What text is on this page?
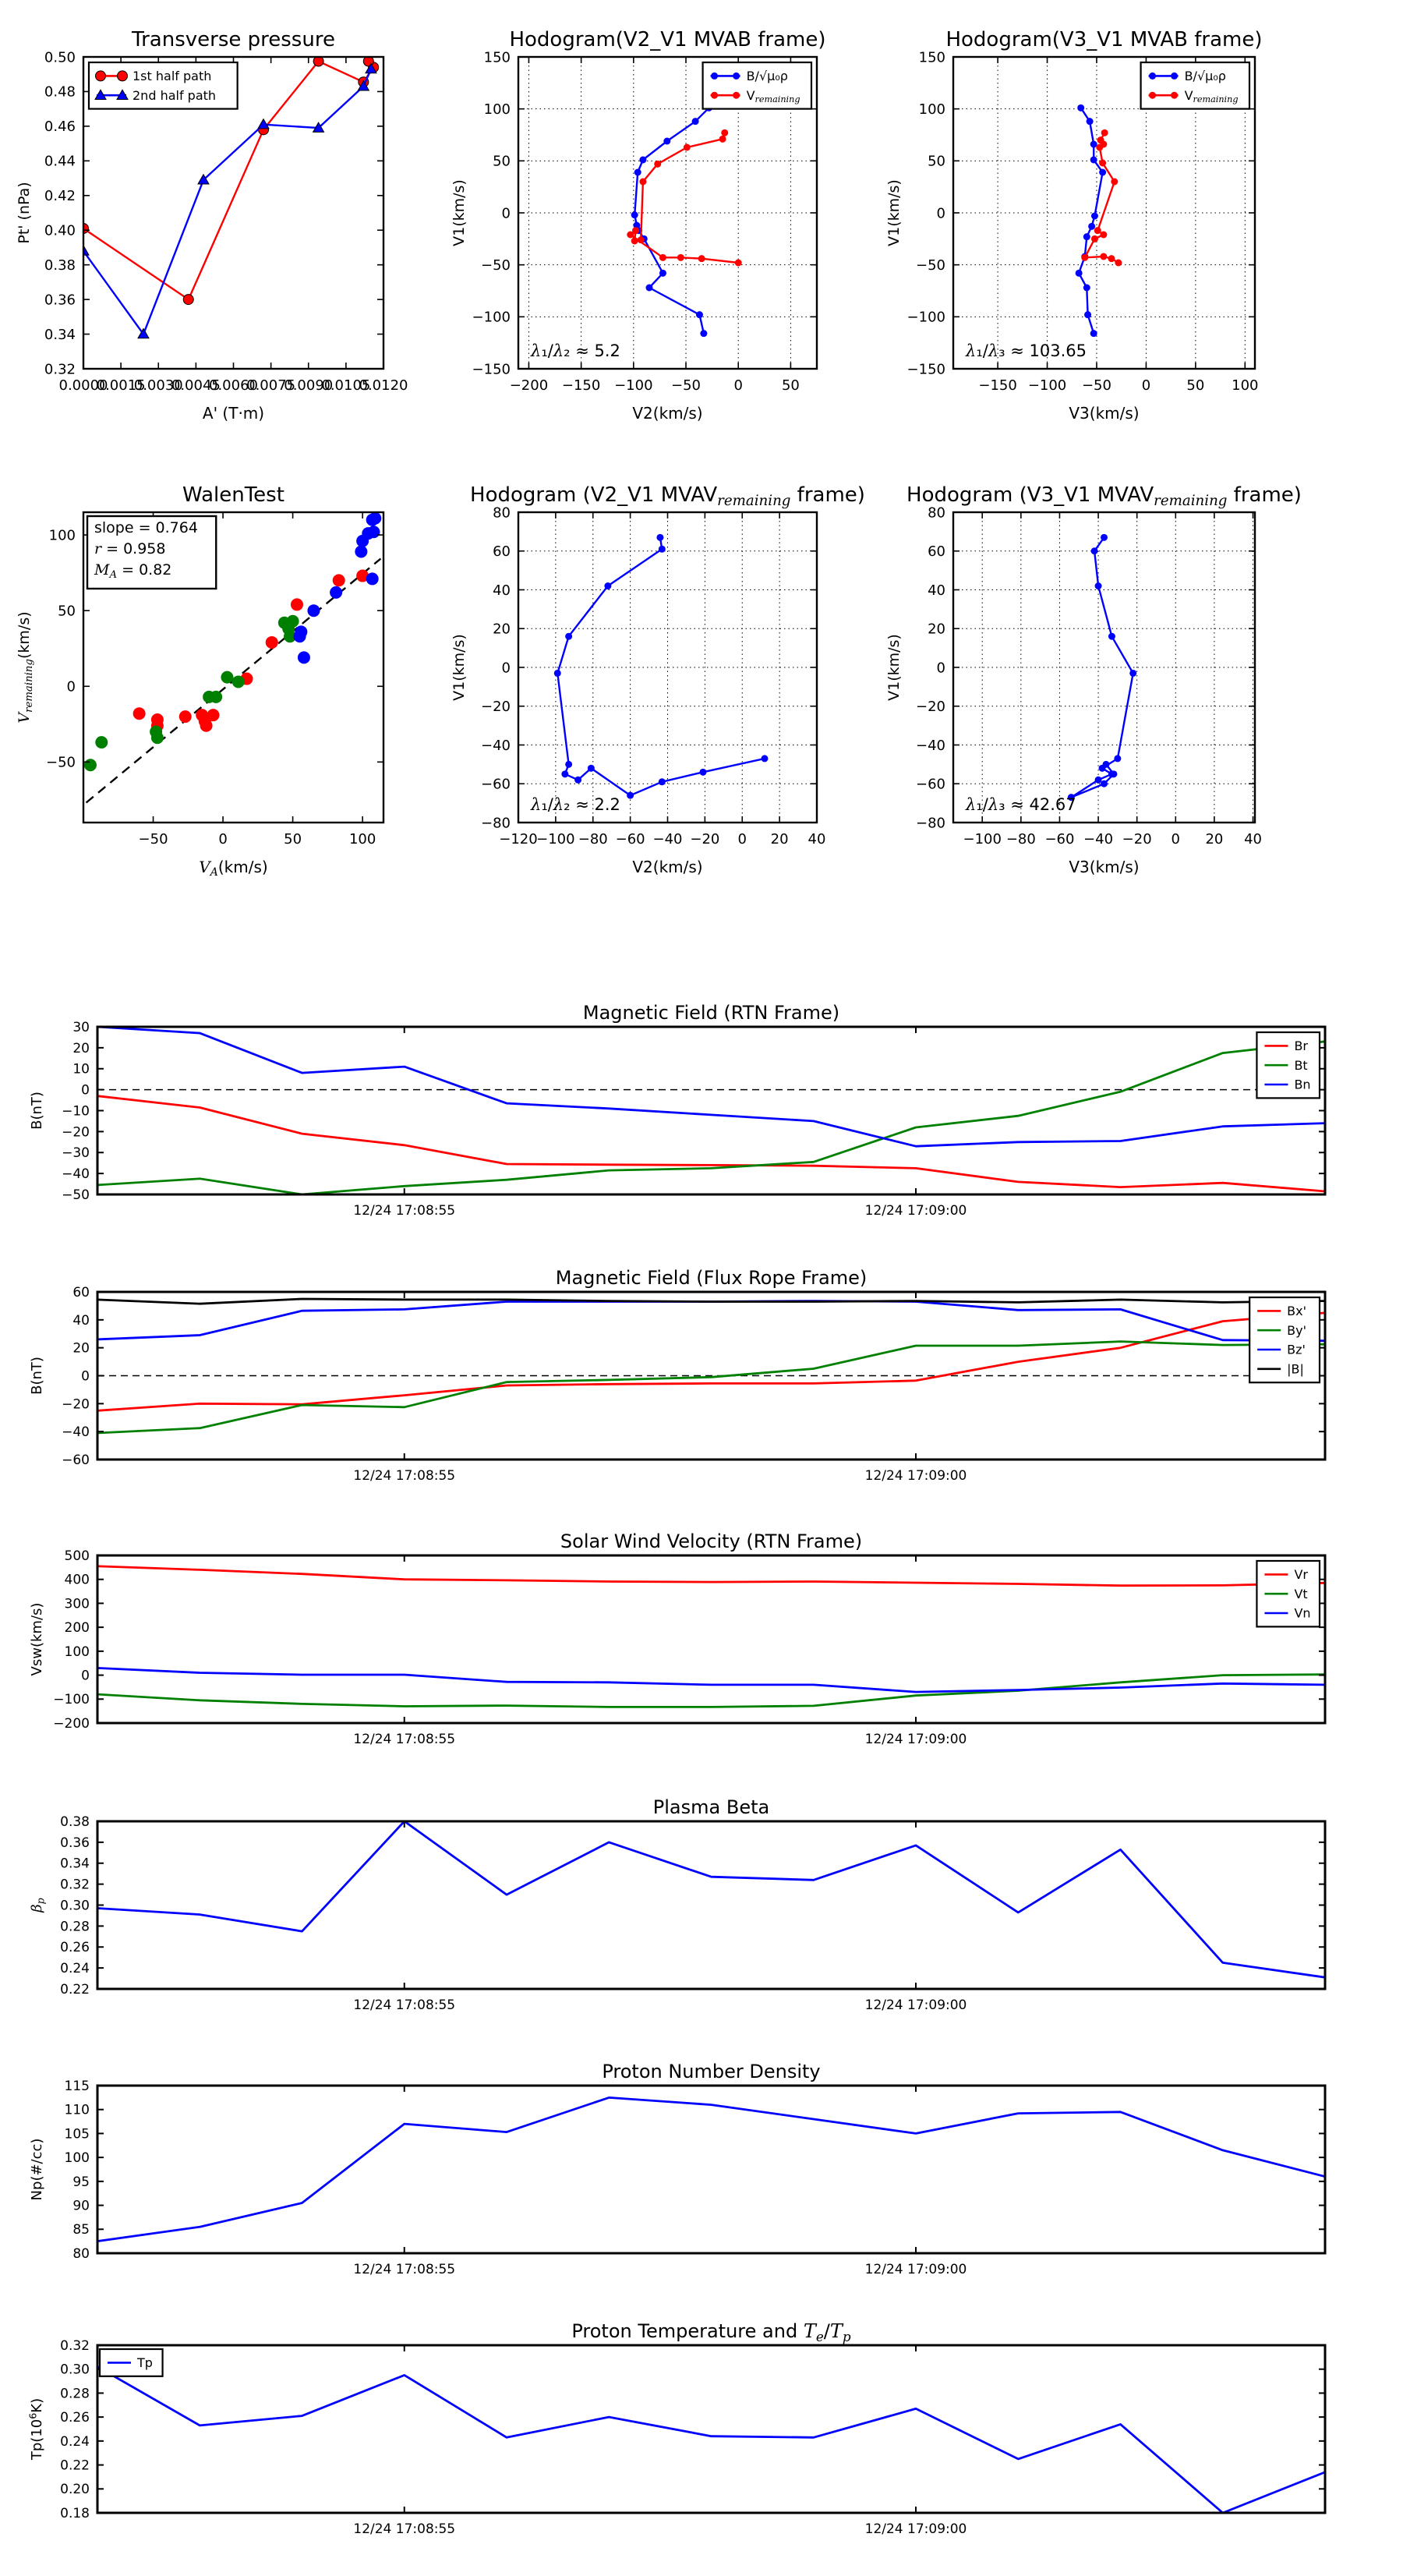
0.0000
0.0015
0.0030
0.0045
0.0060
0.0075
0.0090
0.0105
0.0120
0.32
0.34
0.36
0.38
0.40
0.42
0.44
0.46
0.48
0.50
Transverse pressure
A' (T·m)
Pt' (nPa)
1st half path
2nd half path
−200 −150 −100 −50 0	50
−150
−100
−50
0
50
100
150
Hodogram(V2_V1 MVAB frame)
V2(km/s)
V1(km/s)
λ₁/λ₂ ≈ 5.2
B/√μ₀ρ
$V_{remaining}$
−150 −100 −50 0	50 100
−150
−100
−50
0
50
100
150
Hodogram(V3_V1 MVAB frame)
V3(km/s)
V1(km/s)
λ₁/λ₃ ≈ 103.65
B/√μ₀ρ
$V_{remaining}$
−50	0	50	100
−50
0
50
100
WalenTest
$V_A(km/s)$
$V_{remaining}(km/s)$
slope = 0.764
r = 0.958
$M_A = 0.82$
−120
−100 −80 −60 −40 −20 0 20 40
−80
−60
−40
−20
0
20
40
60
80
Hodogram (V2_V1 $MVAV_{remaining}$ frame)
V2(km/s)
V1(km/s)
λ₁/λ₂ ≈ 2.2
−100 −80 −60 −40 −20 0 20 40
−80
−60
−40
−20
0
20
40
60
80
Hodogram (V3_V1 $MVAV_{remaining}$ frame)
V3(km/s)
V1(km/s)
λ₁/λ₃ ≈ 42.67
12/24 17:08:55	12/24 17:09:00
−50
−40
−30
−20
−10
0
10
20
30
Magnetic Field (RTN Frame)
B(nT)
Br
Bt
Bn
12/24 17:08:55	12/24 17:09:00
−60
−40
−20
0
20
40
60
Magnetic Field (Flux Rope Frame)
B(nT)
Bx'
By'
Bz'
|B|
12/24 17:08:55	12/24 17:09:00
−200
−100
0
100
200
300
400
500
Solar Wind Velocity (RTN Frame)
Vsw(km/s)
Vr
Vt
Vn
12/24 17:08:55	12/24 17:09:00
0.22
0.24
0.26
0.28
0.30
0.32
0.34
0.36
0.38
Plasma Beta
$\beta_p$
12/24 17:08:55	12/24 17:09:00
80
85
90
95
100
105
110
115
Proton Number Density
Np(#/cc)
12/24 17:08:55	12/24 17:09:00
0.18
0.20
0.22
0.24
0.26
0.28
0.30
0.32
Proton Temperature and $T_e/T_p$
$Tp(10^6K)$
Tp
